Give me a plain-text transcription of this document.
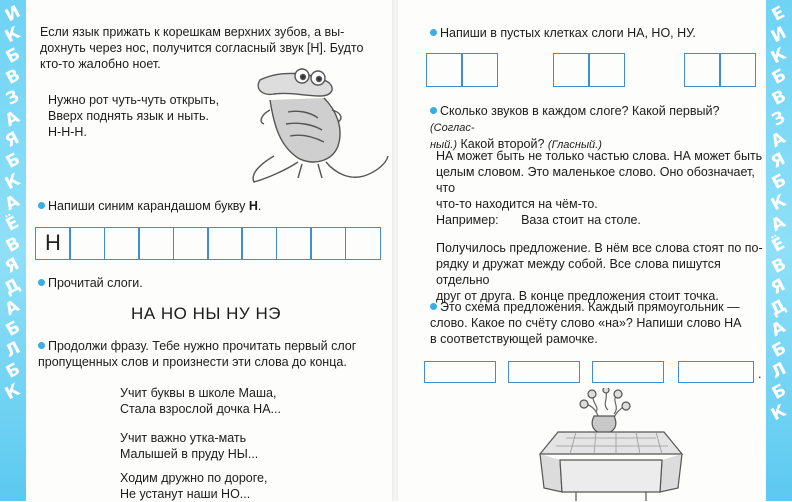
И
К
Б
В
З
А
Я
Б
К
А
Ё
В
Я
Д
А
Б
Л
Б
К
Е
И
К
Б
В
З
А
Я
Б
К
А
Ё
В
Я
Д
А
Б
Л
Б
К
Если язык прижать к корешкам верхних зубов, а вы-
дохнуть через нос, получится согласный звук [Н]. Будто
кто-то жалобно ноет.
Нужно рот чуть-чуть открыть,
Вверх поднять язык и ныть.
Н-Н-Н.
Напиши синим карандашом букву Н.
Н
Прочитай слоги.
НА НО НЫ НУ НЭ
Продолжи фразу. Тебе нужно прочитать первый слог
пропущенных слов и произнести эти слова до конца.
Учит буквы в школе Маша,
Стала взрослой дочка НА...
Учит важно утка-мать
Малышей в пруду НЫ...
Ходим дружно по дороге,
Не устанут наши НО...
Напиши в пустых клетках слоги НА, НО, НУ.
Сколько звуков в каждом слоге? Какой первый? (Соглас-
ный.) Какой второй? (Гласный.)
НА может быть не только частью слова. НА может быть
целым словом. Это маленькое слово. Оно обозначает, что
что-то находится на чём-то.
Например:	Ваза стоит на столе.
Получилось предложение. В нём все слова стоят по по-
рядку и дружат между собой. Все слова пишутся отдельно
друг от друга. В конце предложения стоит точка.
Это схема предложения. Каждый прямоугольник —
слово. Какое по счёту слово «на»? Напиши слово НА
в соответствующей рамочке.
.
